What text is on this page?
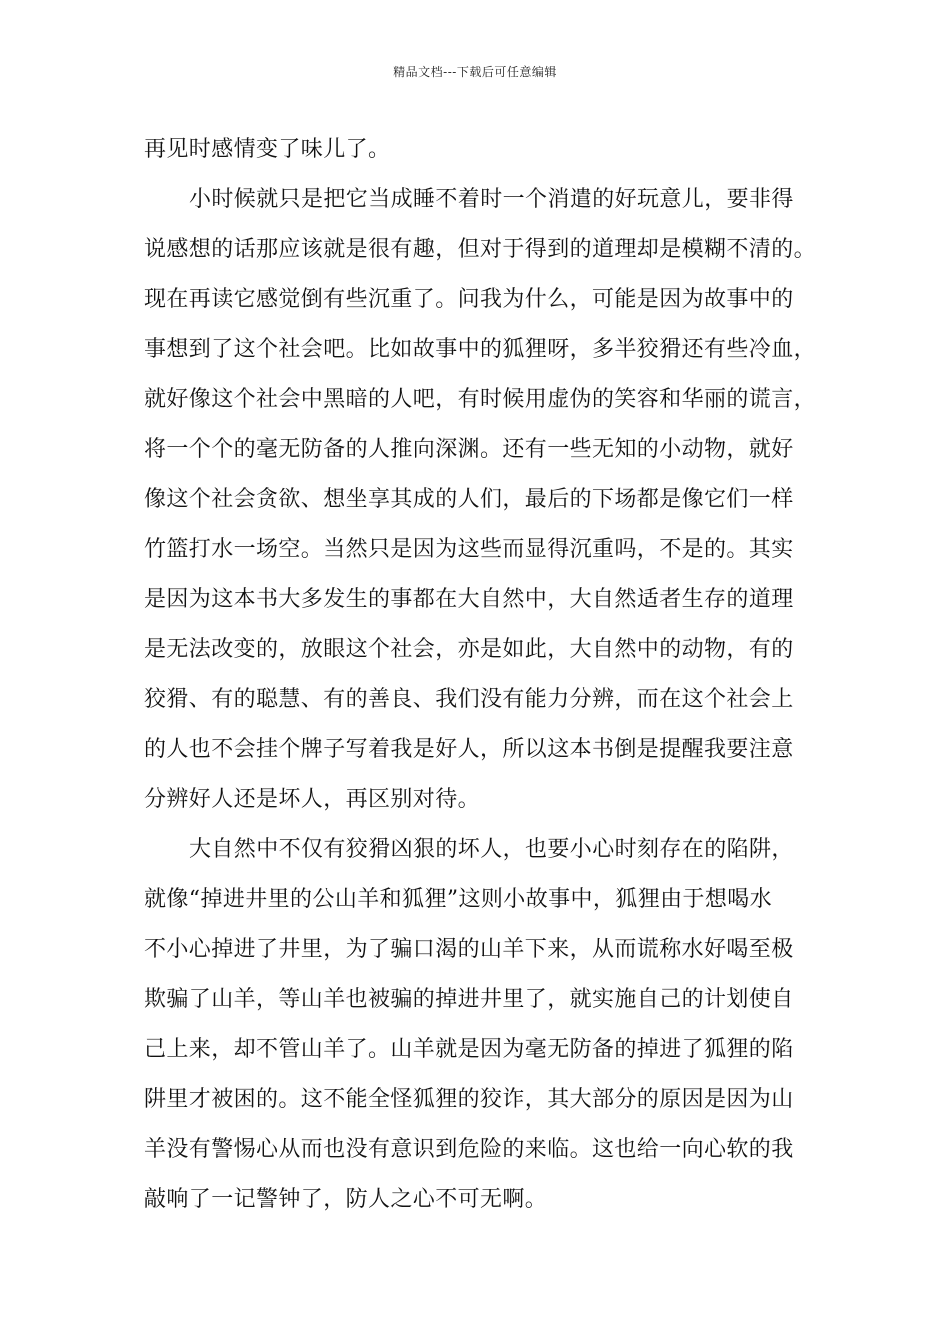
精品文档---下载后可任意编辑
再见时感情变了味儿了。
小时候就只是把它当成睡不着时一个消遣的好玩意儿，要非得
说感想的话那应该就是很有趣，但对于得到的道理却是模糊不清的。
现在再读它感觉倒有些沉重了。问我为什么，可能是因为故事中的
事想到了这个社会吧。比如故事中的狐狸呀，多半狡猾还有些冷血，
就好像这个社会中黑暗的人吧，有时候用虚伪的笑容和华丽的谎言，
将一个个的毫无防备的人推向深渊。还有一些无知的小动物，就好
像这个社会贪欲、想坐享其成的人们，最后的下场都是像它们一样
竹篮打水一场空。当然只是因为这些而显得沉重吗，不是的。其实
是因为这本书大多发生的事都在大自然中，大自然适者生存的道理
是无法改变的，放眼这个社会，亦是如此，大自然中的动物，有的
狡猾、有的聪慧、有的善良、我们没有能力分辨，而在这个社会上
的人也不会挂个牌子写着我是好人，所以这本书倒是提醒我要注意
分辨好人还是坏人，再区别对待。
大自然中不仅有狡猾凶狠的坏人，也要小心时刻存在的陷阱，
就像“掉进井里的公山羊和狐狸”这则小故事中，狐狸由于想喝水
不小心掉进了井里，为了骗口渴的山羊下来，从而谎称水好喝至极
欺骗了山羊，等山羊也被骗的掉进井里了，就实施自己的计划使自
己上来，却不管山羊了。山羊就是因为毫无防备的掉进了狐狸的陷
阱里才被困的。这不能全怪狐狸的狡诈，其大部分的原因是因为山
羊没有警惕心从而也没有意识到危险的来临。这也给一向心软的我
敲响了一记警钟了，防人之心不可无啊。
